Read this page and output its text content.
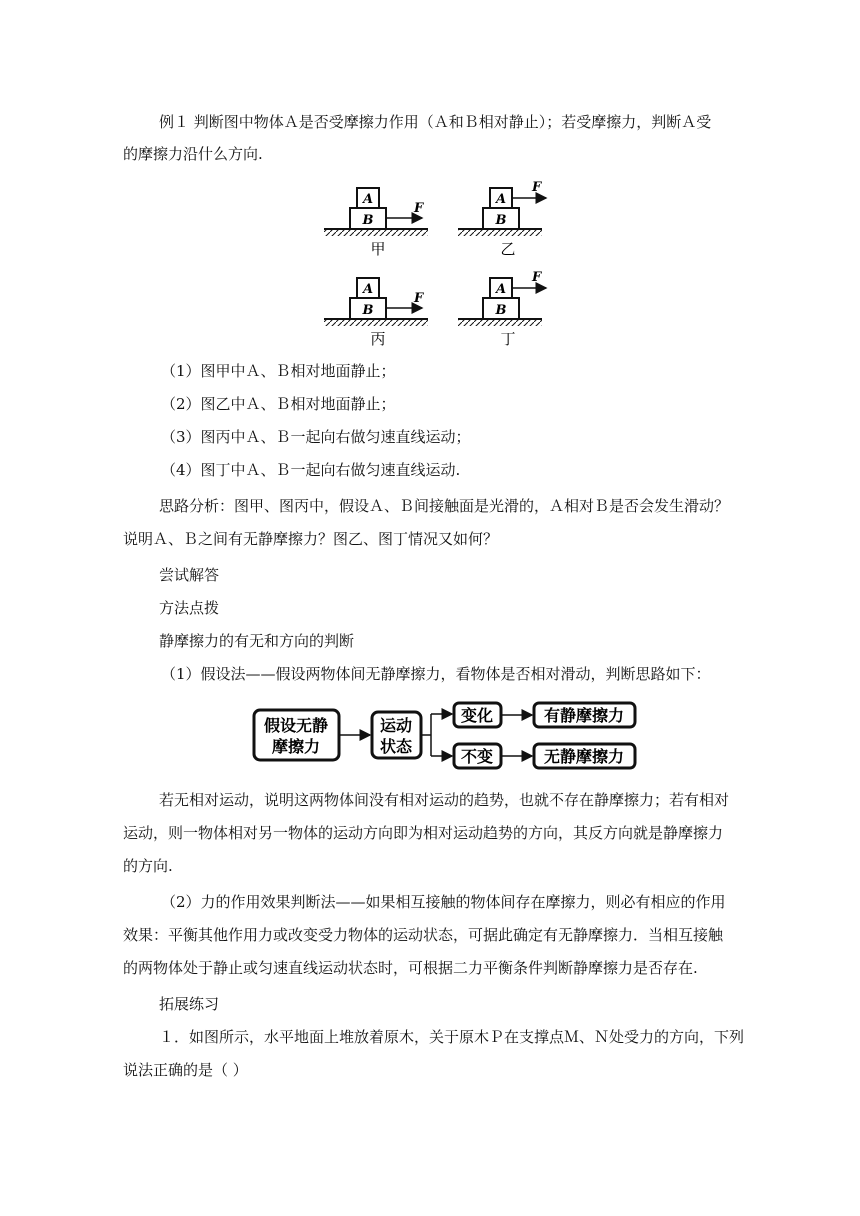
例１ 判断图中物体Ａ是否受摩擦力作用（Ａ和Ｂ相对静止）；若受摩擦力，判断Ａ受
的摩擦力沿什么方向.
A
B
F
甲
A
B
F
乙
A
B
F
丙
A
B
F
丁
（1）图甲中Ａ、Ｂ相对地面静止；
（2）图乙中Ａ、Ｂ相对地面静止；
（3）图丙中Ａ、Ｂ一起向右做匀速直线运动；
（4）图丁中Ａ、Ｂ一起向右做匀速直线运动.
思路分析：图甲、图丙中，假设Ａ、Ｂ间接触面是光滑的，Ａ相对Ｂ是否会发生滑动？
说明Ａ、Ｂ之间有无静摩擦力？图乙、图丁情况又如何？
尝试解答
方法点拨
静摩擦力的有无和方向的判断
（1）假设法——假设两物体间无静摩擦力，看物体是否相对滑动，判断思路如下：
假设无静
摩擦力
运动
状态
变化
不变
有静摩擦力
无静摩擦力
若无相对运动，说明这两物体间没有相对运动的趋势，也就不存在静摩擦力；若有相对
运动，则一物体相对另一物体的运动方向即为相对运动趋势的方向，其反方向就是静摩擦力
的方向.
（2）力的作用效果判断法——如果相互接触的物体间存在摩擦力，则必有相应的作用
效果：平衡其他作用力或改变受力物体的运动状态，可据此确定有无静摩擦力．当相互接触
的两物体处于静止或匀速直线运动状态时，可根据二力平衡条件判断静摩擦力是否存在.
拓展练习
１．如图所示，水平地面上堆放着原木，关于原木Ｐ在支撑点Ｍ、Ｎ处受力的方向，下列
说法正确的是（ ）
